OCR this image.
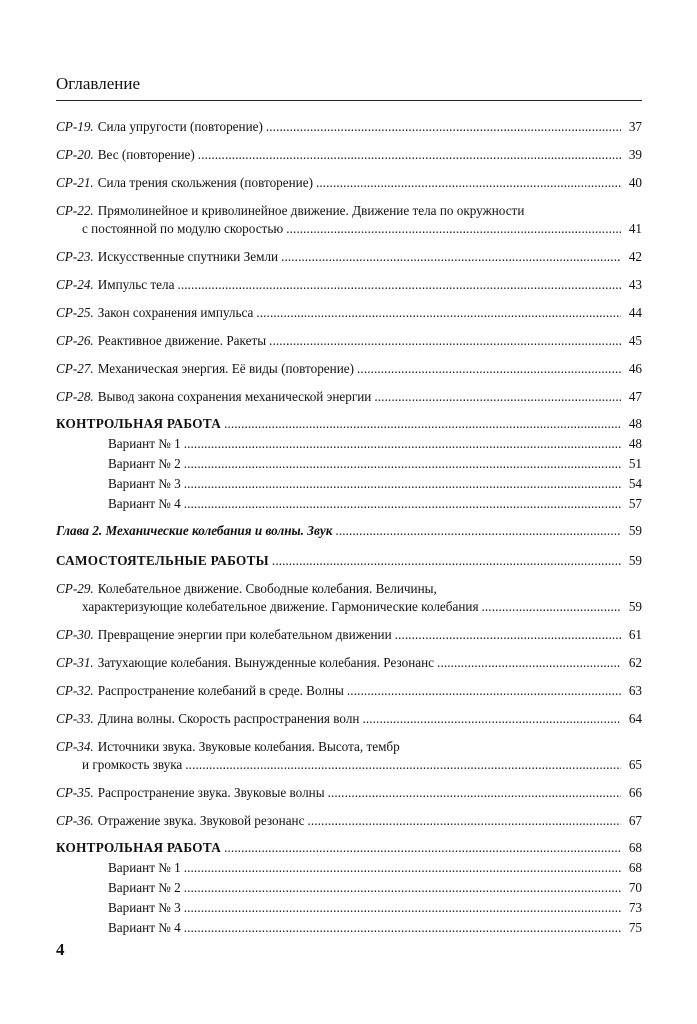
Оглавление
СР-19. Сила упругости (повторение) . . .	37
СР-20. Вес (повторение) . . .	39
СР-21. Сила трения скольжения (повторение) . . .	40
СР-22. Прямолинейное и криволинейное движение. Движение тела по окружности
с постоянной по модулю скоростью . . .	41
СР-23. Искусственные спутники Земли . . .	42
СР-24. Импульс тела . . .	43
СР-25. Закон сохранения импульса . . .	44
СР-26. Реактивное движение. Ракеты . . .	45
СР-27. Механическая энергия. Её виды (повторение) . . .	46
СР-28. Вывод закона сохранения механической энергии . . .	47
КОНТРОЛЬНАЯ РАБОТА . . .	48
Вариант № 1 . . .	48
Вариант № 2 . . .	51
Вариант № 3 . . .	54
Вариант № 4 . . .	57
Глава 2. Механические колебания и волны. Звук . . .	59
САМОСТОЯТЕЛЬНЫЕ РАБОТЫ . . .	59
СР-29. Колебательное движение. Свободные колебания. Величины,
характеризующие колебательное движение. Гармонические колебания . . .	59
СР-30. Превращение энергии при колебательном движении . . .	61
СР-31. Затухающие колебания. Вынужденные колебания. Резонанс . . .	62
СР-32. Распространение колебаний в среде. Волны . . .	63
СР-33. Длина волны. Скорость распространения волн . . .	64
СР-34. Источники звука. Звуковые колебания. Высота, тембр
и громкость звука . . .	65
СР-35. Распространение звука. Звуковые волны . . .	66
СР-36. Отражение звука. Звуковой резонанс . . .	67
КОНТРОЛЬНАЯ РАБОТА . . .	68
Вариант № 1 . . .	68
Вариант № 2 . . .	70
Вариант № 3 . . .	73
Вариант № 4 . . .	75
4
